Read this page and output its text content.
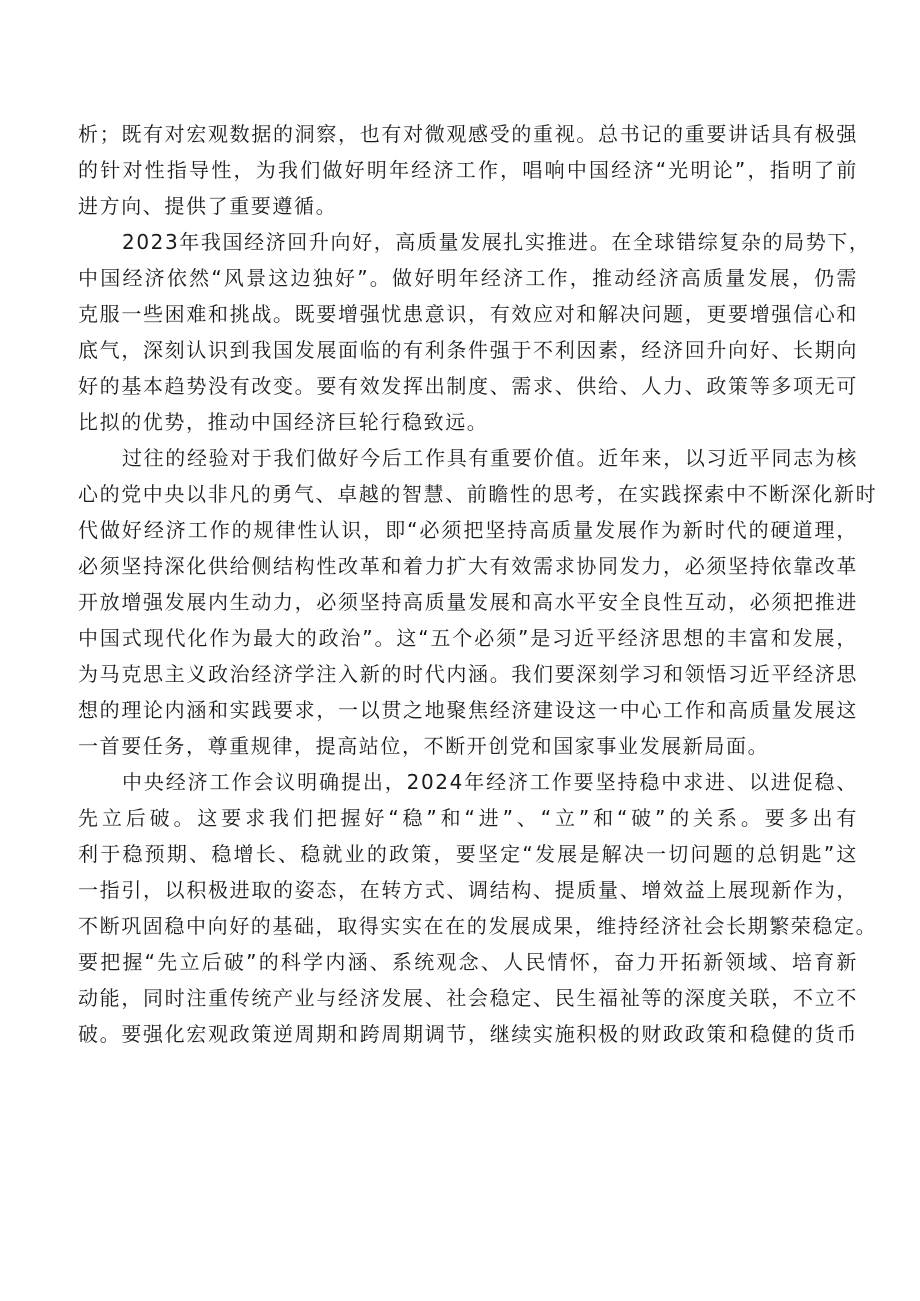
析；既有对宏观数据的洞察，也有对微观感受的重视。总书记的重要讲话具有极强
的针对性指导性，为我们做好明年经济工作，唱响中国经济“光明论”，指明了前
进方向、提供了重要遵循。
2023年我国经济回升向好，高质量发展扎实推进。在全球错综复杂的局势下，
中国经济依然“风景这边独好”。做好明年经济工作，推动经济高质量发展，仍需
克服一些困难和挑战。既要增强忧患意识，有效应对和解决问题，更要增强信心和
底气，深刻认识到我国发展面临的有利条件强于不利因素，经济回升向好、长期向
好的基本趋势没有改变。要有效发挥出制度、需求、供给、人力、政策等多项无可
比拟的优势，推动中国经济巨轮行稳致远。
过往的经验对于我们做好今后工作具有重要价值。近年来，以习近平同志为核
心的党中央以非凡的勇气、卓越的智慧、前瞻性的思考，在实践探索中不断深化新时
代做好经济工作的规律性认识，即“必须把坚持高质量发展作为新时代的硬道理，
必须坚持深化供给侧结构性改革和着力扩大有效需求协同发力，必须坚持依靠改革
开放增强发展内生动力，必须坚持高质量发展和高水平安全良性互动，必须把推进
中国式现代化作为最大的政治”。这“五个必须”是习近平经济思想的丰富和发展，
为马克思主义政治经济学注入新的时代内涵。我们要深刻学习和领悟习近平经济思
想的理论内涵和实践要求，一以贯之地聚焦经济建设这一中心工作和高质量发展这
一首要任务，尊重规律，提高站位，不断开创党和国家事业发展新局面。
中央经济工作会议明确提出，2024年经济工作要坚持稳中求进、以进促稳、
先立后破。这要求我们把握好“稳”和“进”、“立”和“破”的关系。要多出有
利于稳预期、稳增长、稳就业的政策，要坚定“发展是解决一切问题的总钥匙”这
一指引，以积极进取的姿态，在转方式、调结构、提质量、增效益上展现新作为，
不断巩固稳中向好的基础，取得实实在在的发展成果，维持经济社会长期繁荣稳定。
要把握“先立后破”的科学内涵、系统观念、人民情怀，奋力开拓新领域、培育新
动能，同时注重传统产业与经济发展、社会稳定、民生福祉等的深度关联，不立不
破。要强化宏观政策逆周期和跨周期调节，继续实施积极的财政政策和稳健的货币
